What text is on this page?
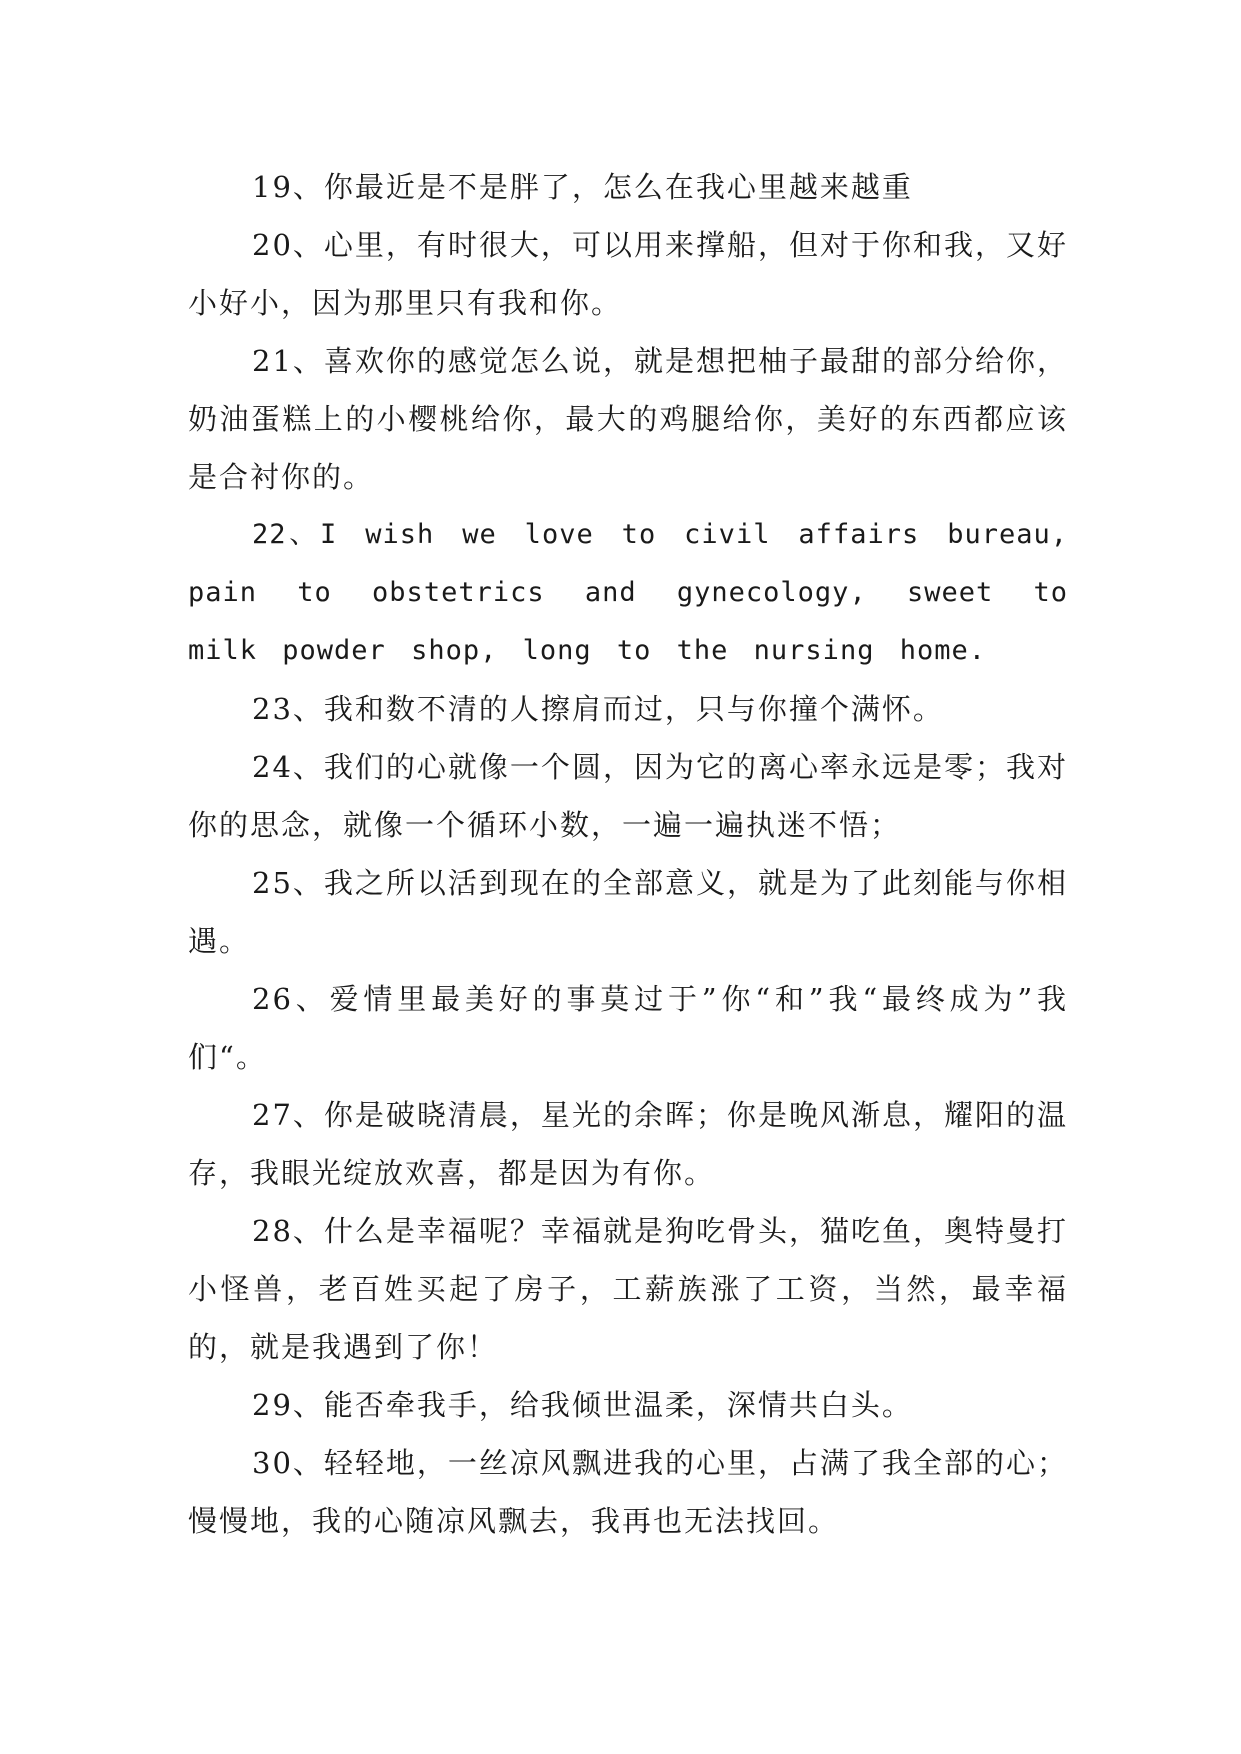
19、你最近是不是胖了，怎么在我心里越来越重

20、心里，有时很大，可以用来撑船，但对于你和我，又好小好小，因为那里只有我和你。

21、喜欢你的感觉怎么说，就是想把柚子最甜的部分给你，奶油蛋糕上的小樱桃给你，最大的鸡腿给你，美好的东西都应该是合衬你的。

22、I wish we love to civil affairs bureau, pain to obstetrics and gynecology, sweet to milk powder shop, long to the nursing home.

23、我和数不清的人擦肩而过，只与你撞个满怀。

24、我们的心就像一个圆，因为它的离心率永远是零；我对你的思念，就像一个循环小数，一遍一遍执迷不悟；

25、我之所以活到现在的全部意义，就是为了此刻能与你相遇。

26、爱情里最美好的事莫过于”你“和”我“最终成为”我们“。

27、你是破晓清晨，星光的余晖；你是晚风渐息，耀阳的温存，我眼光绽放欢喜，都是因为有你。

28、什么是幸福呢？幸福就是狗吃骨头，猫吃鱼，奥特曼打小怪兽，老百姓买起了房子，工薪族涨了工资，当然，最幸福的，就是我遇到了你！

29、能否牵我手，给我倾世温柔，深情共白头。

30、轻轻地，一丝凉风飘进我的心里，占满了我全部的心；慢慢地，我的心随凉风飘去，我再也无法找回。
